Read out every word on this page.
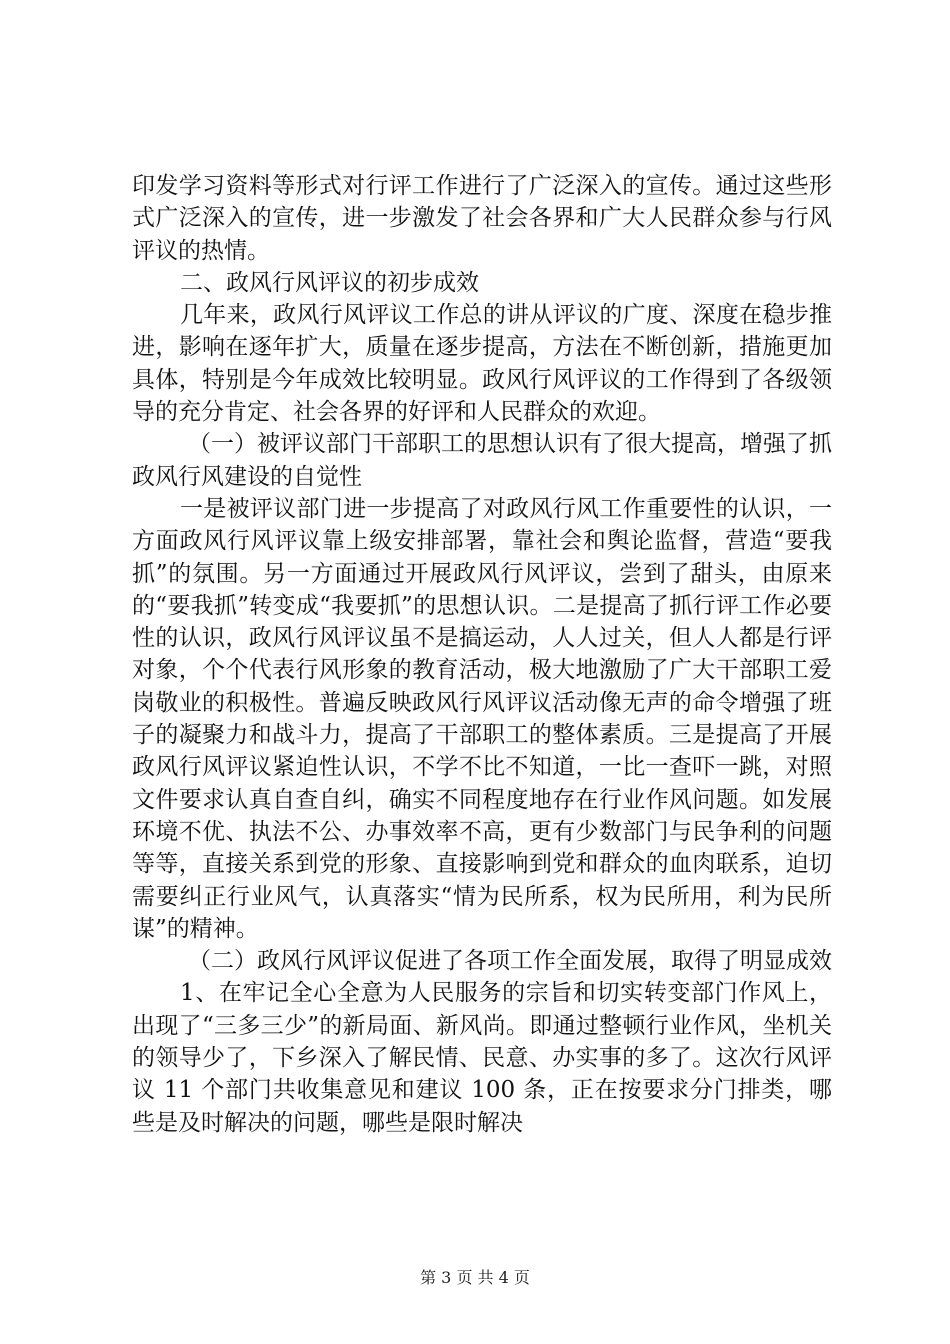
印发学习资料等形式对行评工作进行了广泛深入的宣传。通过这些形式广泛深入的宣传，进一步激发了社会各界和广大人民群众参与行风评议的热情。

二、政风行风评议的初步成效

几年来，政风行风评议工作总的讲从评议的广度、深度在稳步推进，影响在逐年扩大，质量在逐步提高，方法在不断创新，措施更加具体，特别是今年成效比较明显。政风行风评议的工作得到了各级领导的充分肯定、社会各界的好评和人民群众的欢迎。

（一）被评议部门干部职工的思想认识有了很大提高，增强了抓政风行风建设的自觉性

一是被评议部门进一步提高了对政风行风工作重要性的认识，一方面政风行风评议靠上级安排部署，靠社会和舆论监督，营造“要我抓”的氛围。另一方面通过开展政风行风评议，尝到了甜头，由原来的“要我抓”转变成“我要抓”的思想认识。二是提高了抓行评工作必要性的认识，政风行风评议虽不是搞运动，人人过关，但人人都是行评对象，个个代表行风形象的教育活动，极大地激励了广大干部职工爱岗敬业的积极性。普遍反映政风行风评议活动像无声的命令增强了班子的凝聚力和战斗力，提高了干部职工的整体素质。三是提高了开展政风行风评议紧迫性认识，不学不比不知道，一比一查吓一跳，对照文件要求认真自查自纠，确实不同程度地存在行业作风问题。如发展环境不优、执法不公、办事效率不高，更有少数部门与民争利的问题等等，直接关系到党的形象、直接影响到党和群众的血肉联系，迫切需要纠正行业风气，认真落实“情为民所系，权为民所用，利为民所谋”的精神。

（二）政风行风评议促进了各项工作全面发展，取得了明显成效

1、在牢记全心全意为人民服务的宗旨和切实转变部门作风上，出现了“三多三少”的新局面、新风尚。即通过整顿行业作风，坐机关的领导少了，下乡深入了解民情、民意、办实事的多了。这次行风评议 11 个部门共收集意见和建议 100 条，正在按要求分门排类，哪些是及时解决的问题，哪些是限时解决

第 3 页 共 4 页
